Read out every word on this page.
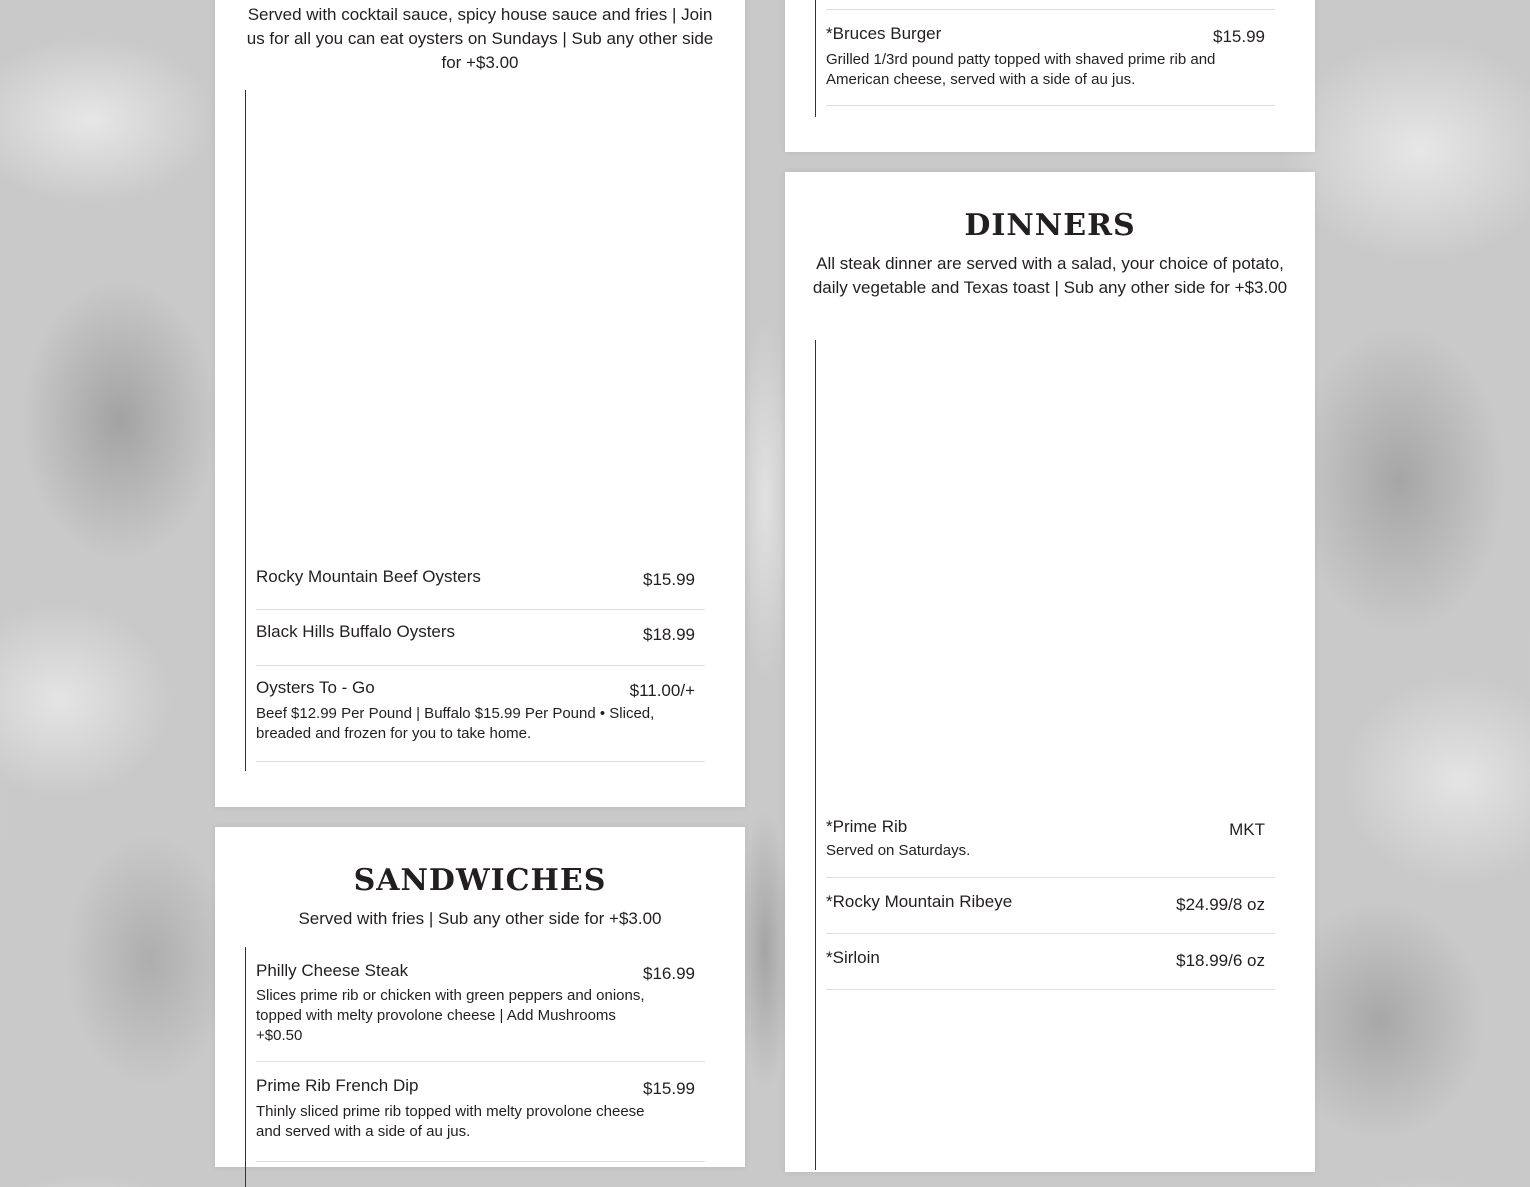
Served with cocktail sauce, spicy house sauce and fries | Join us for all you can eat oysters on Sundays | Sub any other side for +$3.00

Rocky Mountain Beef Oysters	$15.99
Black Hills Buffalo Oysters	$18.99
Oysters To - Go	$11.00/+
Beef $12.99 Per Pound | Buffalo $15.99 Per Pound • Sliced, breaded and frozen for you to take home.
SANDWICHES

Served with fries | Sub any other side for +$3.00

Philly Cheese Steak	$16.99
Slices prime rib or chicken with green peppers and onions, topped with melty provolone cheese | Add Mushrooms +$0.50
Prime Rib French Dip	$15.99
Thinly sliced prime rib topped with melty provolone cheese and served with a side of au jus.
*Bruces Burger	$15.99
Grilled 1/3rd pound patty topped with shaved prime rib and American cheese, served with a side of au jus.
DINNERS

All steak dinner are served with a salad, your choice of potato, daily vegetable and Texas toast | Sub any other side for +$3.00

*Prime Rib	MKT
Served on Saturdays.
*Rocky Mountain Ribeye	$24.99/8 oz
*Sirloin	$18.99/6 oz
